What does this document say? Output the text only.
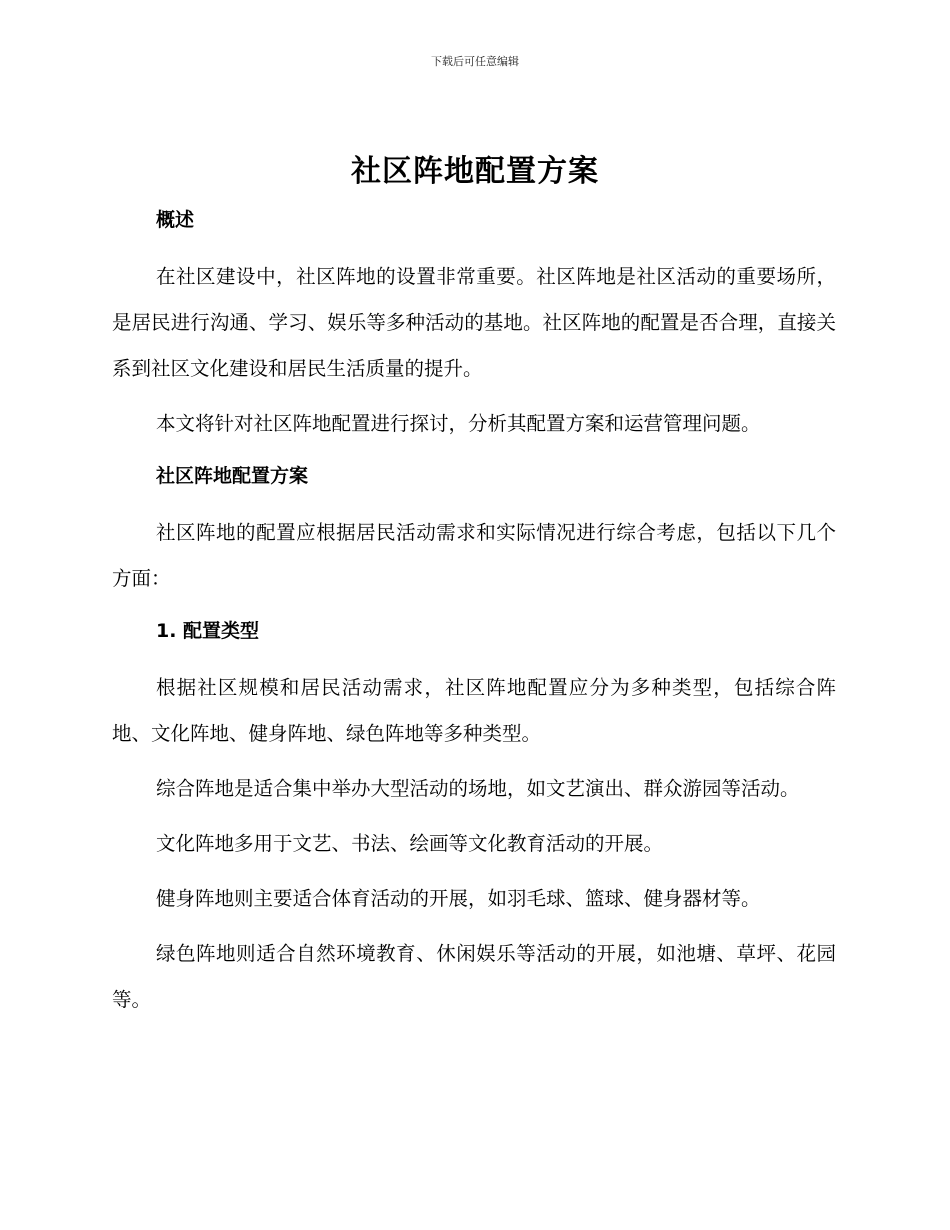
下载后可任意编辑
社区阵地配置方案
概述

在社区建设中，社区阵地的设置非常重要。社区阵地是社区活动的重要场所，是居民进行沟通、学习、娱乐等多种活动的基地。社区阵地的配置是否合理，直接关系到社区文化建设和居民生活质量的提升。

本文将针对社区阵地配置进行探讨，分析其配置方案和运营管理问题。

社区阵地配置方案

社区阵地的配置应根据居民活动需求和实际情况进行综合考虑，包括以下几个方面：

1. 配置类型

根据社区规模和居民活动需求，社区阵地配置应分为多种类型，包括综合阵地、文化阵地、健身阵地、绿色阵地等多种类型。

综合阵地是适合集中举办大型活动的场地，如文艺演出、群众游园等活动。

文化阵地多用于文艺、书法、绘画等文化教育活动的开展。

健身阵地则主要适合体育活动的开展，如羽毛球、篮球、健身器材等。

绿色阵地则适合自然环境教育、休闲娱乐等活动的开展，如池塘、草坪、花园等。
